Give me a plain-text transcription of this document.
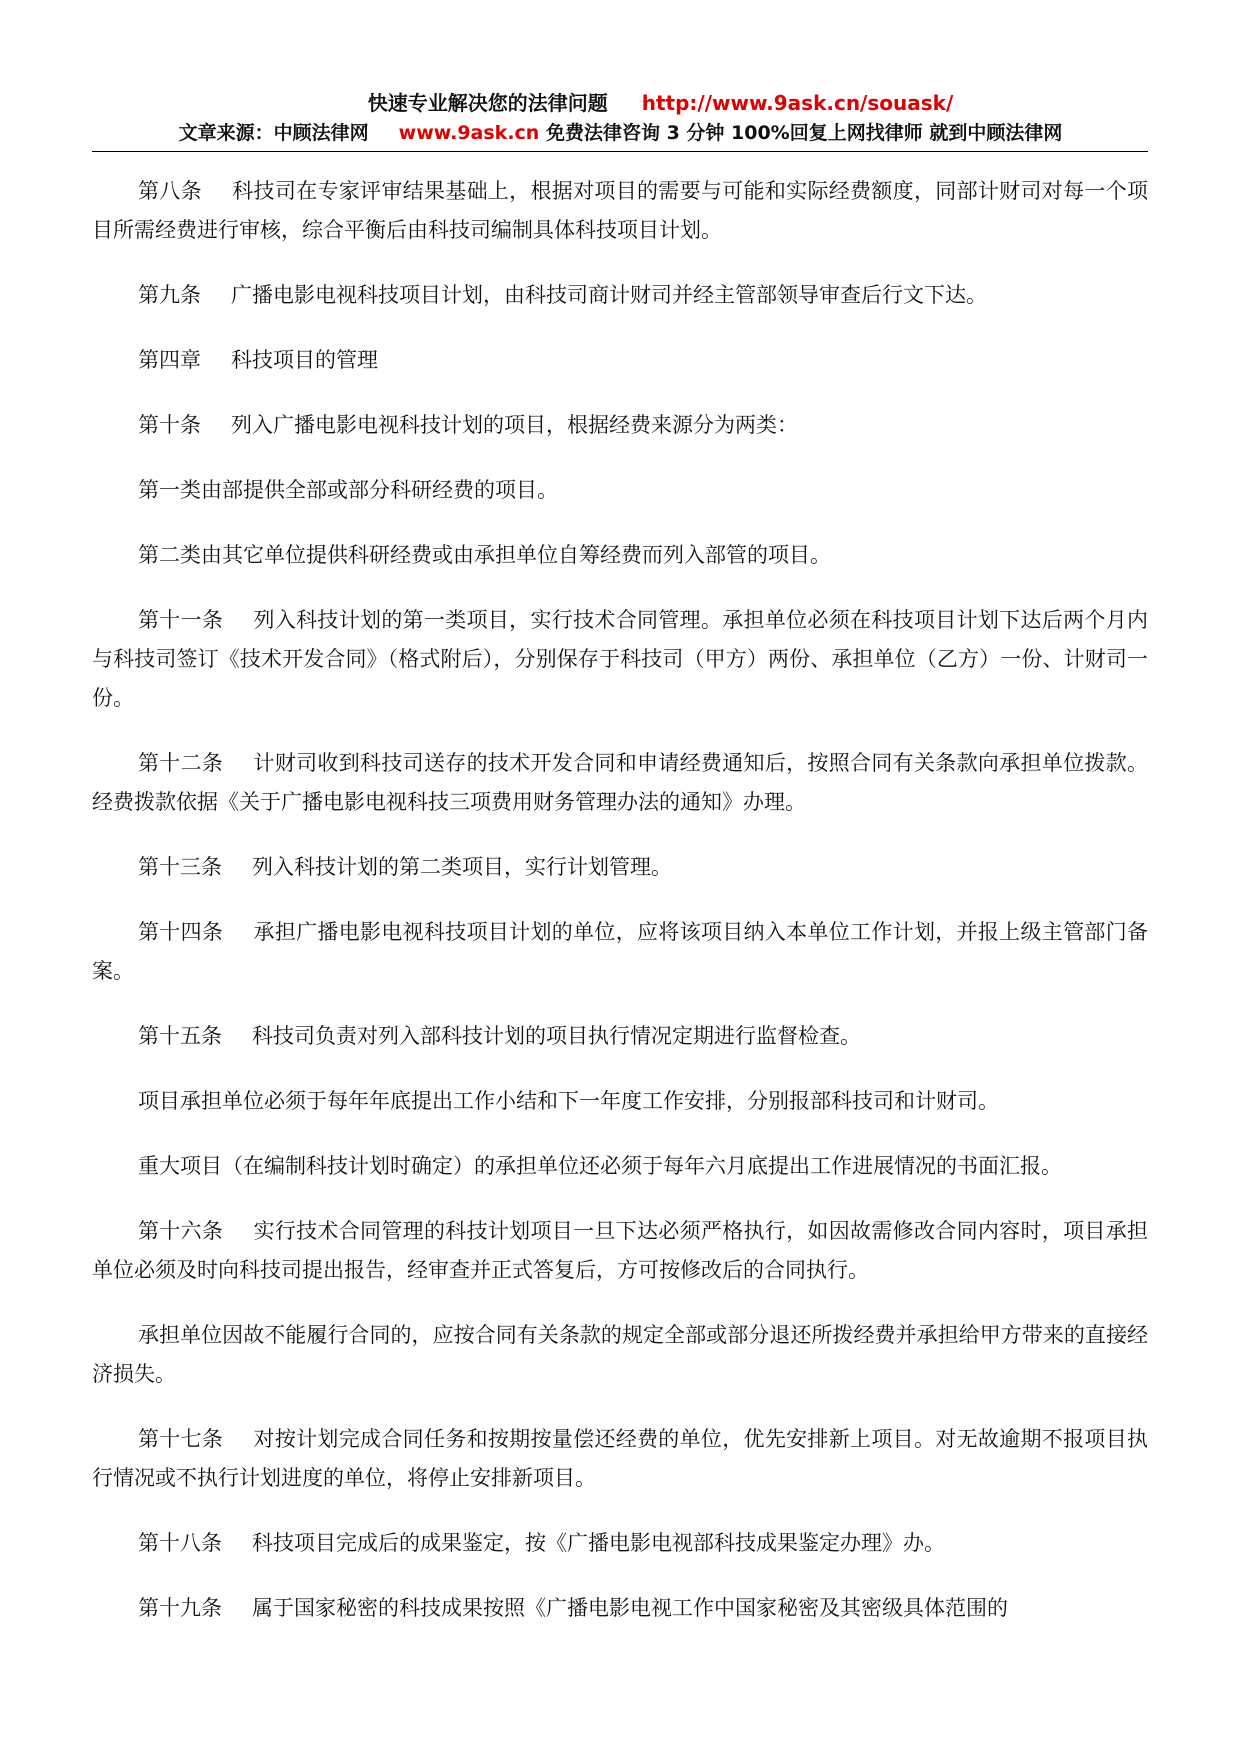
快速专业解决您的法律问题 http://www.9ask.cn/souask/
文章来源：中顾法律网 www.9ask.cn 免费法律咨询 3 分钟 100%回复上网找律师 就到中顾法律网

第八条 科技司在专家评审结果基础上，根据对项目的需要与可能和实际经费额度，同部计财司对每一个项目所需经费进行审核，综合平衡后由科技司编制具体科技项目计划。

第九条 广播电影电视科技项目计划，由科技司商计财司并经主管部领导审查后行文下达。

第四章 科技项目的管理

第十条 列入广播电影电视科技计划的项目，根据经费来源分为两类：

第一类由部提供全部或部分科研经费的项目。

第二类由其它单位提供科研经费或由承担单位自筹经费而列入部管的项目。

第十一条 列入科技计划的第一类项目，实行技术合同管理。承担单位必须在科技项目计划下达后两个月内与科技司签订《技术开发合同》（格式附后），分别保存于科技司（甲方）两份、承担单位（乙方）一份、计财司一份。

第十二条 计财司收到科技司送存的技术开发合同和申请经费通知后，按照合同有关条款向承担单位拨款。经费拨款依据《关于广播电影电视科技三项费用财务管理办法的通知》办理。

第十三条 列入科技计划的第二类项目，实行计划管理。

第十四条 承担广播电影电视科技项目计划的单位，应将该项目纳入本单位工作计划，并报上级主管部门备案。

第十五条 科技司负责对列入部科技计划的项目执行情况定期进行监督检查。

项目承担单位必须于每年年底提出工作小结和下一年度工作安排，分别报部科技司和计财司。

重大项目（在编制科技计划时确定）的承担单位还必须于每年六月底提出工作进展情况的书面汇报。

第十六条 实行技术合同管理的科技计划项目一旦下达必须严格执行，如因故需修改合同内容时，项目承担单位必须及时向科技司提出报告，经审查并正式答复后，方可按修改后的合同执行。

承担单位因故不能履行合同的，应按合同有关条款的规定全部或部分退还所拨经费并承担给甲方带来的直接经济损失。

第十七条 对按计划完成合同任务和按期按量偿还经费的单位，优先安排新上项目。对无故逾期不报项目执行情况或不执行计划进度的单位，将停止安排新项目。

第十八条 科技项目完成后的成果鉴定，按《广播电影电视部科技成果鉴定办理》办。

第十九条 属于国家秘密的科技成果按照《广播电影电视工作中国家秘密及其密级具体范围的
